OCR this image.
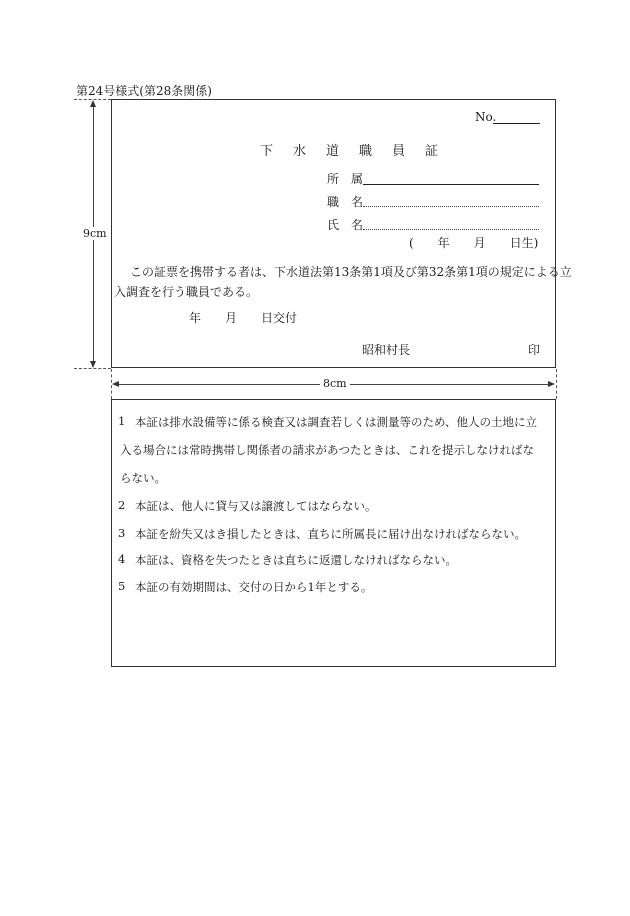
第24号様式(第28条関係)
9cm
No.
下 水 道 職 員 証
所　属
職　名
氏　名
(　　年　　月　　日生)
この証票を携帯する者は、下水道法第13条第1項及び第32条第1項の規定による立
入調査を行う職員である。
年　　月　　日交付
昭和村長	印
8cm
1 本証は排水設備等に係る検査又は調査若しくは測量等のため、他人の土地に立
入る場合には常時携帯し関係者の請求があつたときは、これを提示しなければな
らない。
2 本証は、他人に貸与又は譲渡してはならない。
3 本証を紛失又はき損したときは、直ちに所属長に届け出なければならない。
4 本証は、資格を失つたときは直ちに返還しなければならない。
5 本証の有効期間は、交付の日から1年とする。
